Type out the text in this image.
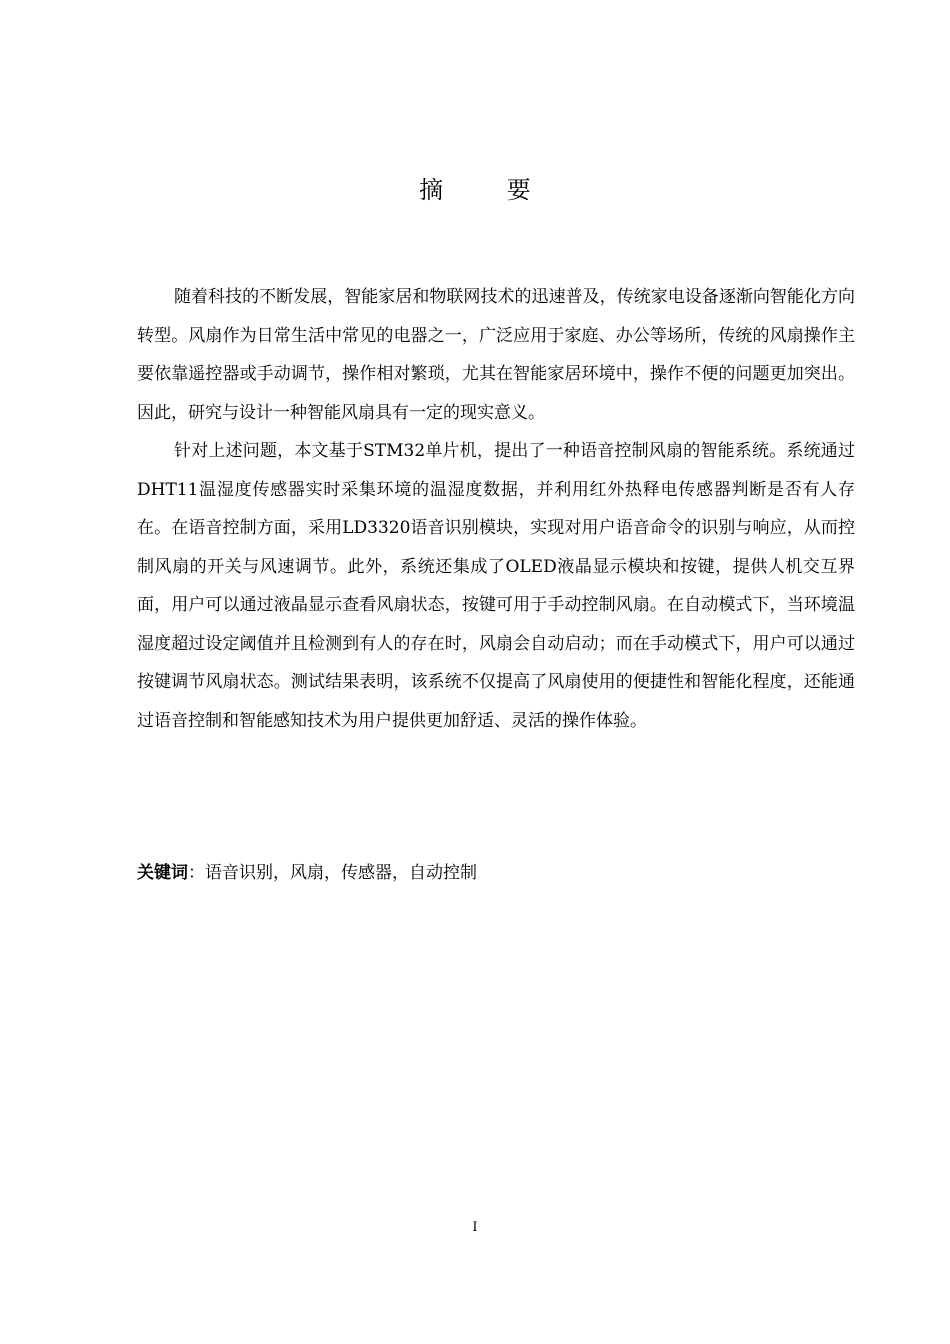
摘 要

随着科技的不断发展，智能家居和物联网技术的迅速普及，传统家电设备逐渐向智能化方向转型。风扇作为日常生活中常见的电器之一，广泛应用于家庭、办公等场所，传统的风扇操作主要依靠遥控器或手动调节，操作相对繁琐，尤其在智能家居环境中，操作不便的问题更加突出。因此，研究与设计一种智能风扇具有一定的现实意义。

针对上述问题，本文基于STM32单片机，提出了一种语音控制风扇的智能系统。系统通过DHT11温湿度传感器实时采集环境的温湿度数据，并利用红外热释电传感器判断是否有人存在。在语音控制方面，采用LD3320语音识别模块，实现对用户语音命令的识别与响应，从而控制风扇的开关与风速调节。此外，系统还集成了OLED液晶显示模块和按键，提供人机交互界面，用户可以通过液晶显示查看风扇状态，按键可用于手动控制风扇。在自动模式下，当环境温湿度超过设定阈值并且检测到有人的存在时，风扇会自动启动；而在手动模式下，用户可以通过按键调节风扇状态。测试结果表明，该系统不仅提高了风扇使用的便捷性和智能化程度，还能通过语音控制和智能感知技术为用户提供更加舒适、灵活的操作体验。

关键词：语音识别，风扇，传感器，自动控制
I
